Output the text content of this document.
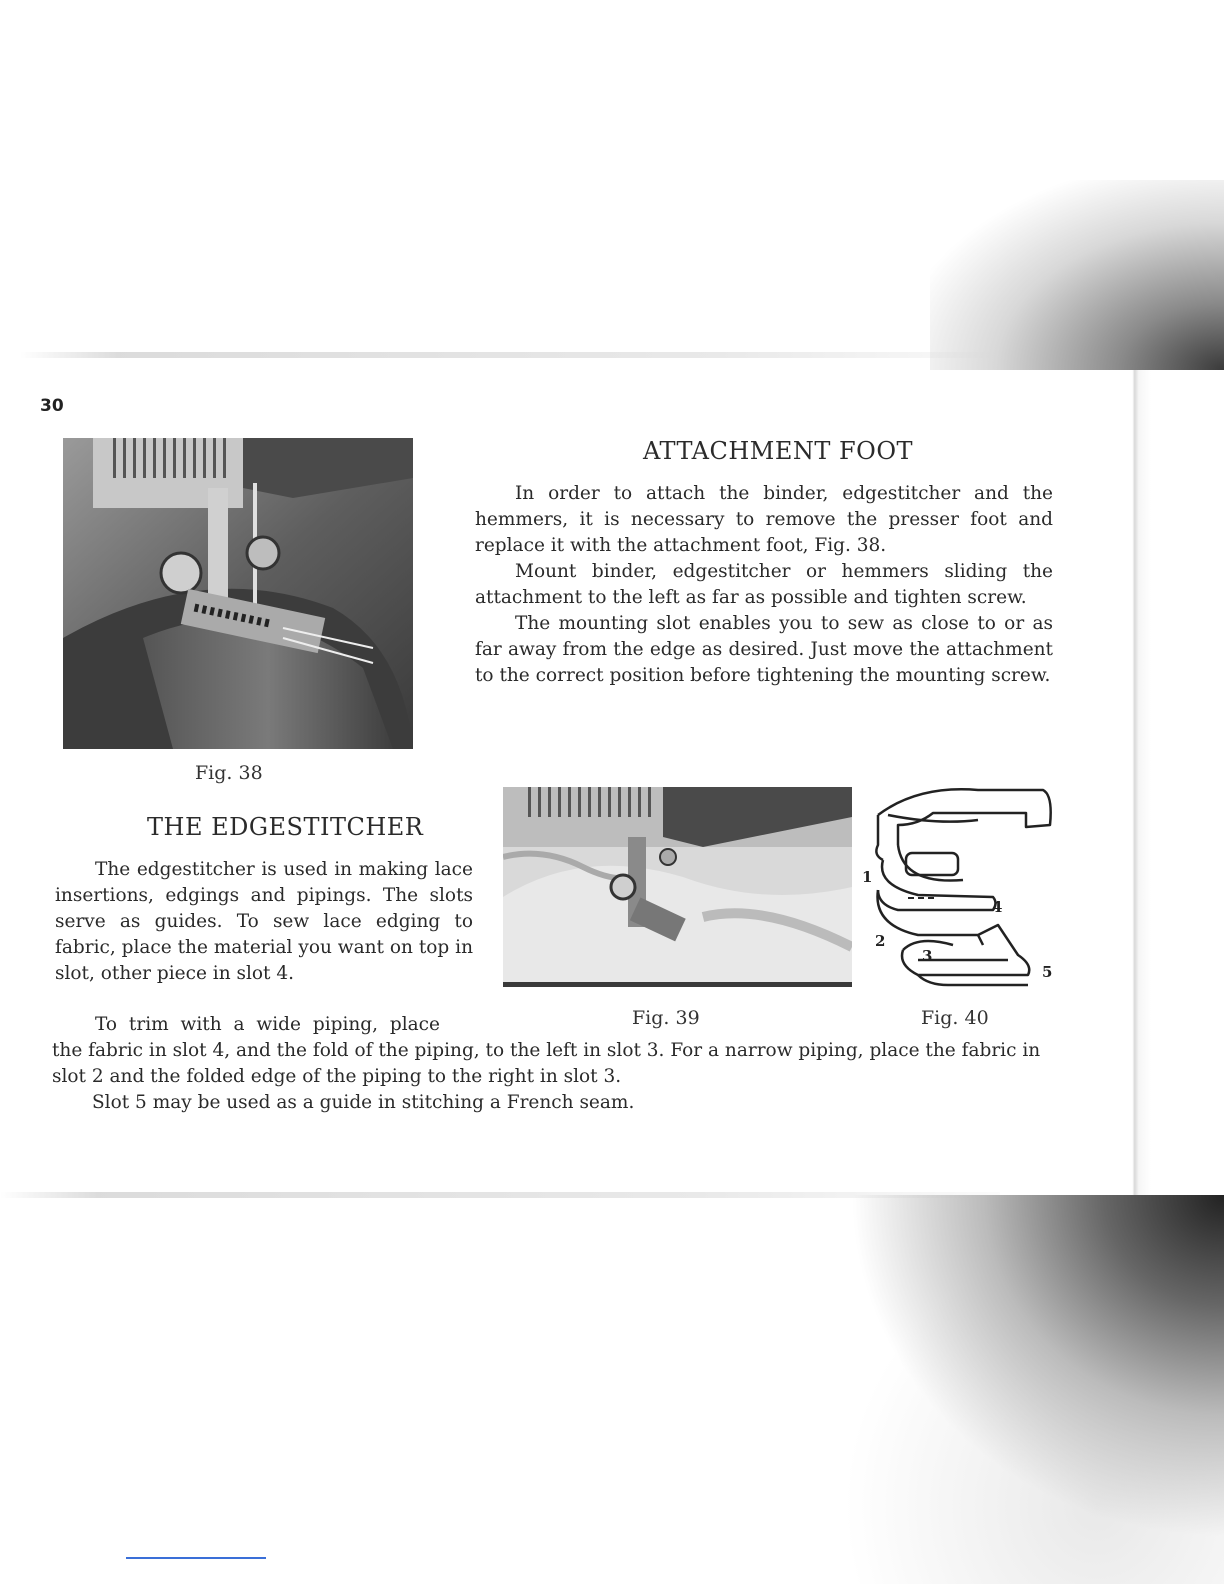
30
Fig. 38
ATTACHMENT FOOT

In order to attach the binder, edgestitcher and the hemmers, it is necessary to remove the presser foot and replace it with the attachment foot, Fig. 38.

Mount binder, edgestitcher or hemmers sliding the attachment to the left as far as possible and tighten screw.

The mounting slot enables you to sew as close to or as far away from the edge as desired. Just move the attachment to the correct position before tightening the mounting screw.

THE EDGESTITCHER

The edgestitcher is used in making lace insertions, edgings and pipings. The slots serve as guides. To sew lace edging to fabric, place the material you want on top in slot, other piece in slot 4.

Fig. 39
1
2
3
4
5
Fig. 40
To trim with a wide piping, place

the fabric in slot 4, and the fold of the piping, to the left in slot 3. For a narrow piping, place the fabric in slot 2 and the folded edge of the piping to the right in slot 3.

Slot 5 may be used as a guide in stitching a French seam.
